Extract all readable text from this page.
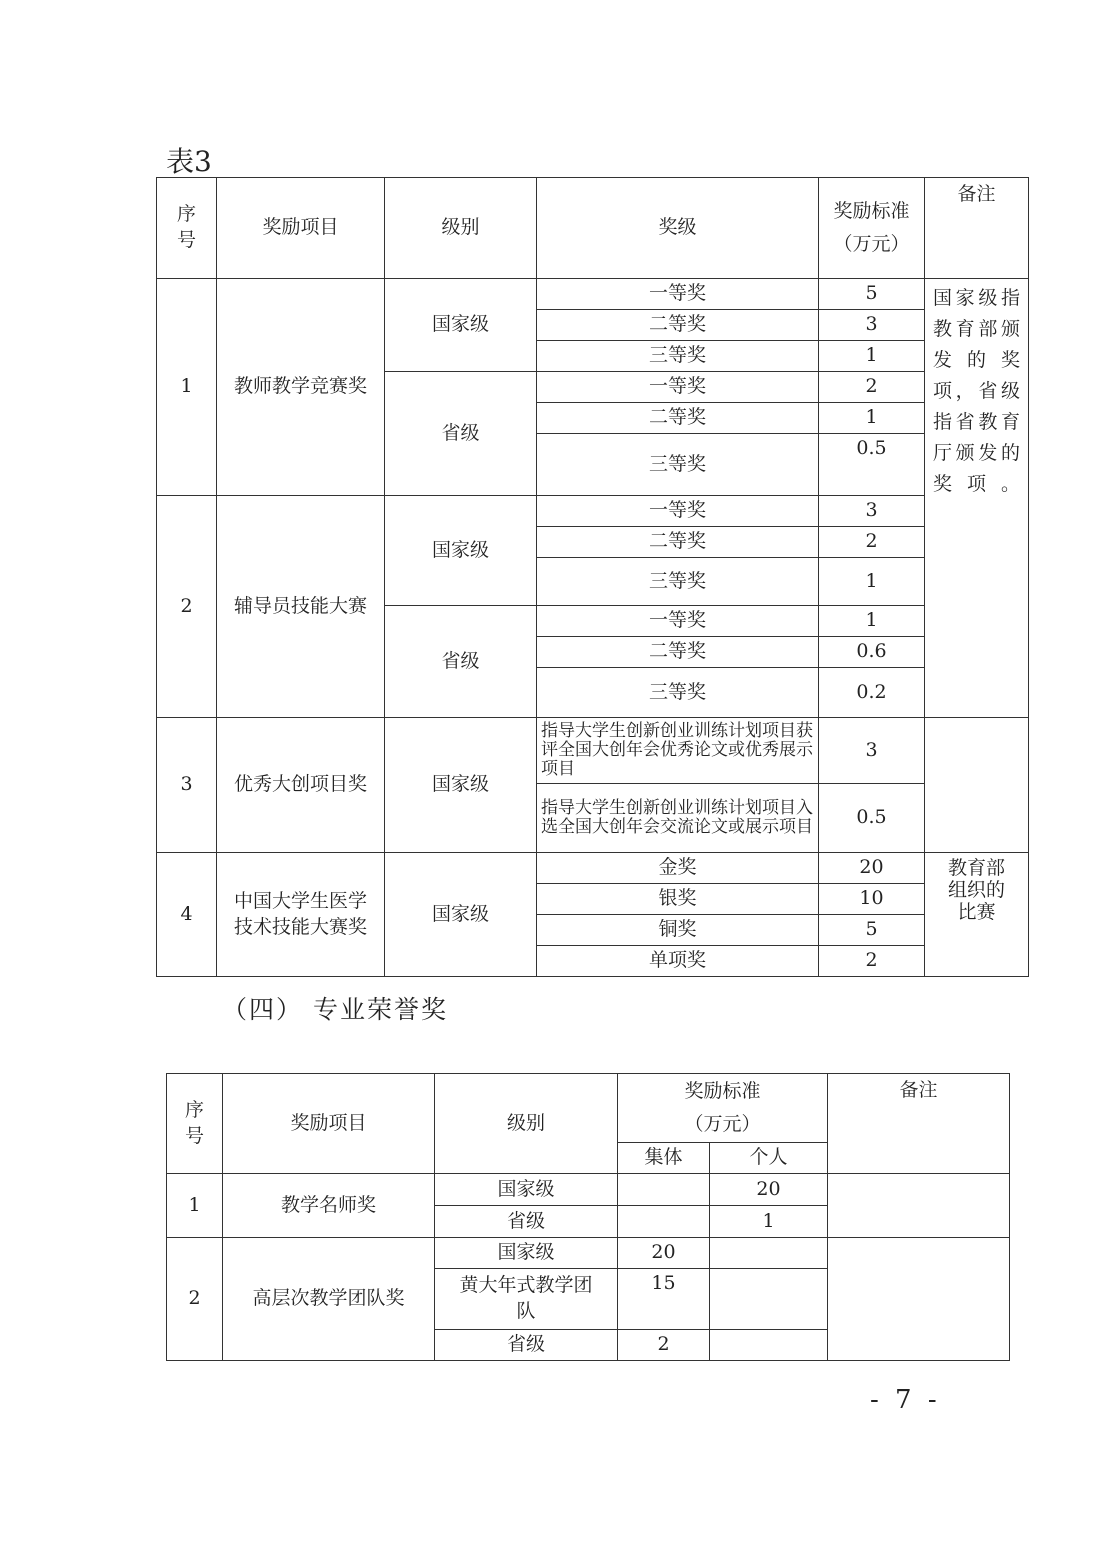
表3
序号	奖励项目	级别	奖级	奖励标准（万元）	备注
1	教师教学竞赛奖	国家级	一等奖	5	国家级指教育部颁发的奖项，省级指省教育厅颁发的奖项。
			二等奖	3	
			三等奖	1	
		省级	一等奖	2	
			二等奖	1	
			三等奖	0.5	
2	辅导员技能大赛	国家级	一等奖	3	
			二等奖	2	
			三等奖	1	
		省级	一等奖	1	
			二等奖	0.6	
			三等奖	0.2	
3	优秀大创项目奖	国家级	指导大学生创新创业训练计划项目获评全国大创年会优秀论文或优秀展示项目	3	
			指导大学生创新创业训练计划项目入选全国大创年会交流论文或展示项目	0.5	
4	中国大学生医学技术技能大赛奖	国家级	金奖	20	教育部组织的比赛

			银奖	10	
			铜奖	5	
			单项奖	2	
（四） 专业荣誉奖
序号	奖励项目	级别	奖励标准（万元）		备注
			集体	个人	
1	教学名师奖	国家级		20	
		省级		1	
2	高层次教学团队奖	国家级	20		
		黄大年式教学团队	15		
		省级	2		
- 7 -
